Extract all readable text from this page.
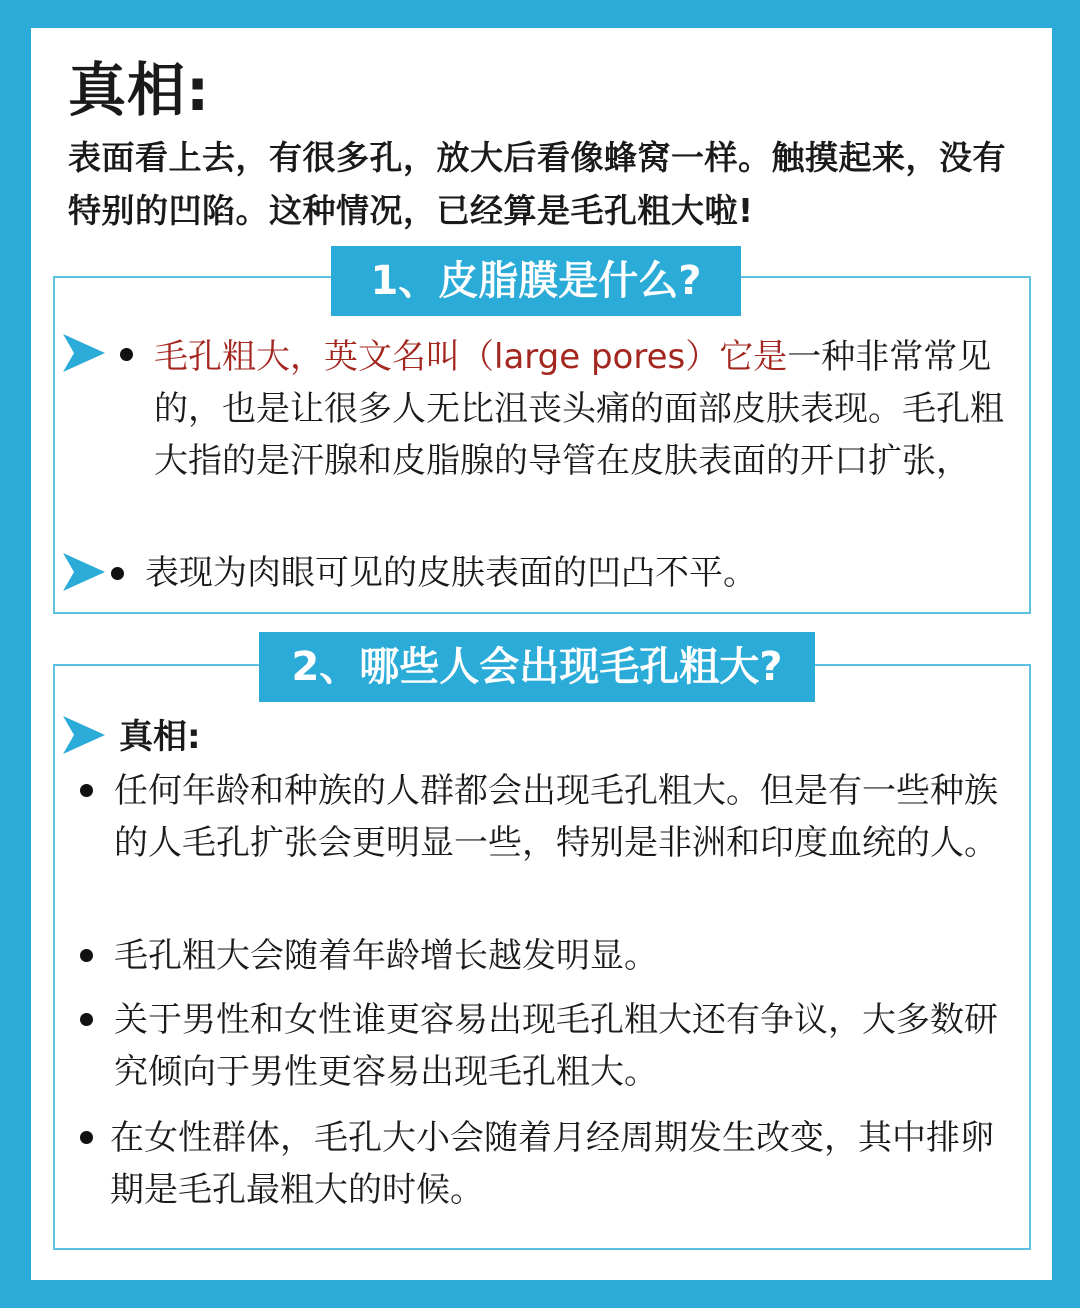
真相:
表面看上去，有很多孔，放大后看像蜂窝一样。触摸起来，没有特别的凹陷。这种情况，已经算是毛孔粗大啦!
1、皮脂膜是什么?
毛孔粗大，英文名叫（large pores）它是一种非常常见的，也是让很多人无比沮丧头痛的面部皮肤表现。毛孔粗大指的是汗腺和皮脂腺的导管在皮肤表面的开口扩张，
表现为肉眼可见的皮肤表面的凹凸不平。
2、哪些人会出现毛孔粗大?
真相:
任何年龄和种族的人群都会出现毛孔粗大。但是有一些种族的人毛孔扩张会更明显一些，特别是非洲和印度血统的人。
毛孔粗大会随着年龄增长越发明显。
关于男性和女性谁更容易出现毛孔粗大还有争议，大多数研究倾向于男性更容易出现毛孔粗大。
在女性群体，毛孔大小会随着月经周期发生改变，其中排卵期是毛孔最粗大的时候。
